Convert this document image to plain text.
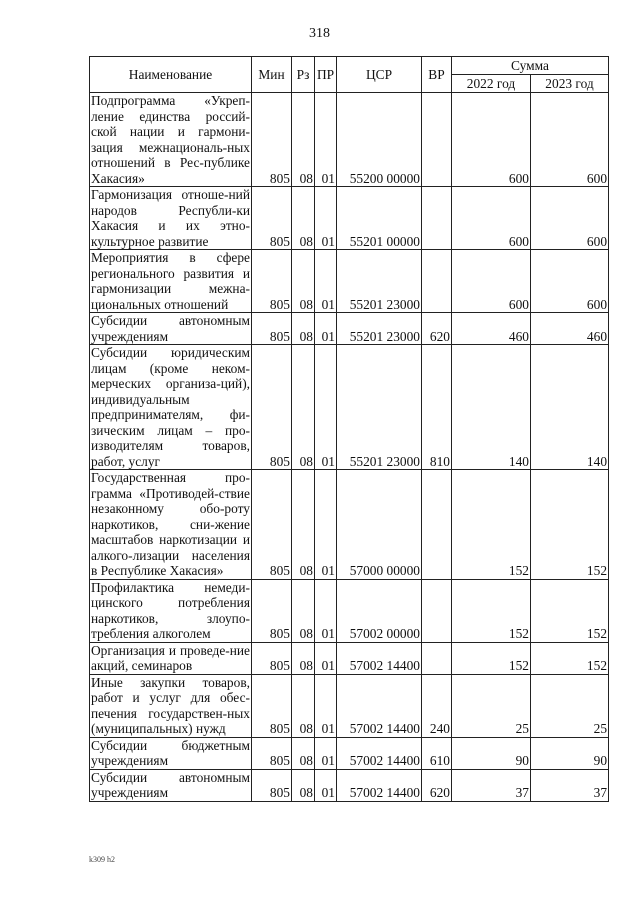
318
Наименование	Мин	Рз	ПР	ЦСР	ВР	Сумма	
						2022 год	2023 год
Подпрограмма «Укреп-ление единства россий-ской нации и гармони-зация межнациональ-ных отношений в Рес-публике Хакасия»	805	08	01	55200 00000		600	600
Гармонизация отноше-ний народов Республи-ки Хакасия и их этно-культурное развитие	805	08	01	55201 00000		600	600
Мероприятия в сфере регионального развития и гармонизации межна-циональных отношений	805	08	01	55201 23000		600	600
Субсидии автономным учреждениям	805	08	01	55201 23000	620	460	460
Субсидии юридическим лицам (кроме неком-мерческих организа-ций), индивидуальным предпринимателям, фи-зическим лицам – про-изводителям товаров, работ, услуг	805	08	01	55201 23000	810	140	140
Государственная про-грамма «Противодей-ствие незаконному обо-роту наркотиков, сни-жение масштабов наркотизации и алкого-лизации населения в Республике Хакасия»	805	08	01	57000 00000		152	152
Профилактика немеди-цинского потребления наркотиков, злоупо-требления алкоголем	805	08	01	57002 00000		152	152
Организация и проведе-ние акций, семинаров	805	08	01	57002 14400		152	152
Иные закупки товаров, работ и услуг для обес-печения государствен-ных (муниципальных) нужд	805	08	01	57002 14400	240	25	25
Субсидии бюджетным учреждениям	805	08	01	57002 14400	610	90	90
Субсидии автономным учреждениям	805	08	01	57002 14400	620	37	37
k309 h2
